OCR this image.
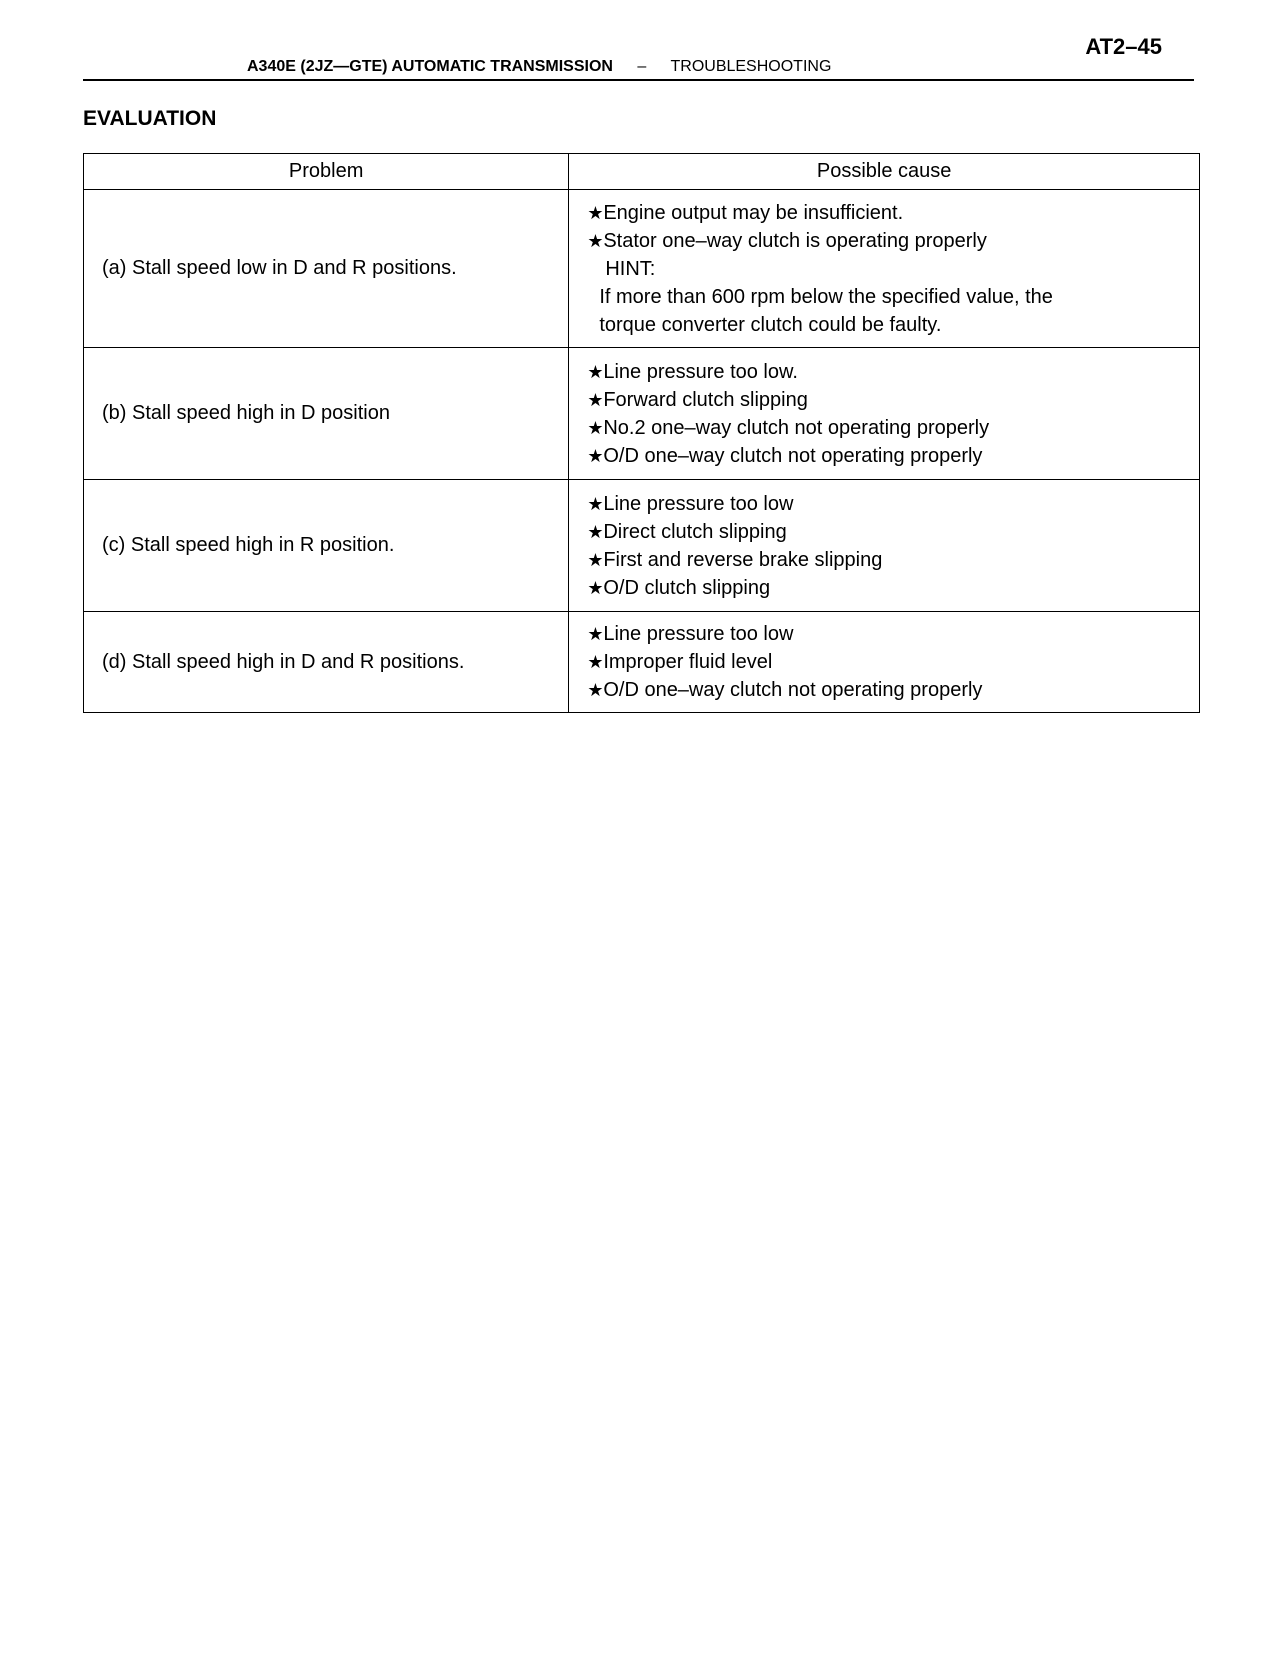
AT2–45
A340E (2JZ—GTE) AUTOMATIC TRANSMISSION – TROUBLESHOOTING
EVALUATION
Problem	Possible cause
(a) Stall speed low in D and R positions.	★Engine output may be insufficient.
★Stator one–way clutch is operating properly
HINT:
If more than 600 rpm below the specified value, the
torque converter clutch could be faulty.

(b) Stall speed high in D position	★Line pressure too low.
★Forward clutch slipping
★No.2 one–way clutch not operating properly
★O/D one–way clutch not operating properly

(c) Stall speed high in R position.	★Line pressure too low
★Direct clutch slipping
★First and reverse brake slipping
★O/D clutch slipping

(d) Stall speed high in D and R positions.	★Line pressure too low
★Improper fluid level
★O/D one–way clutch not operating properly
